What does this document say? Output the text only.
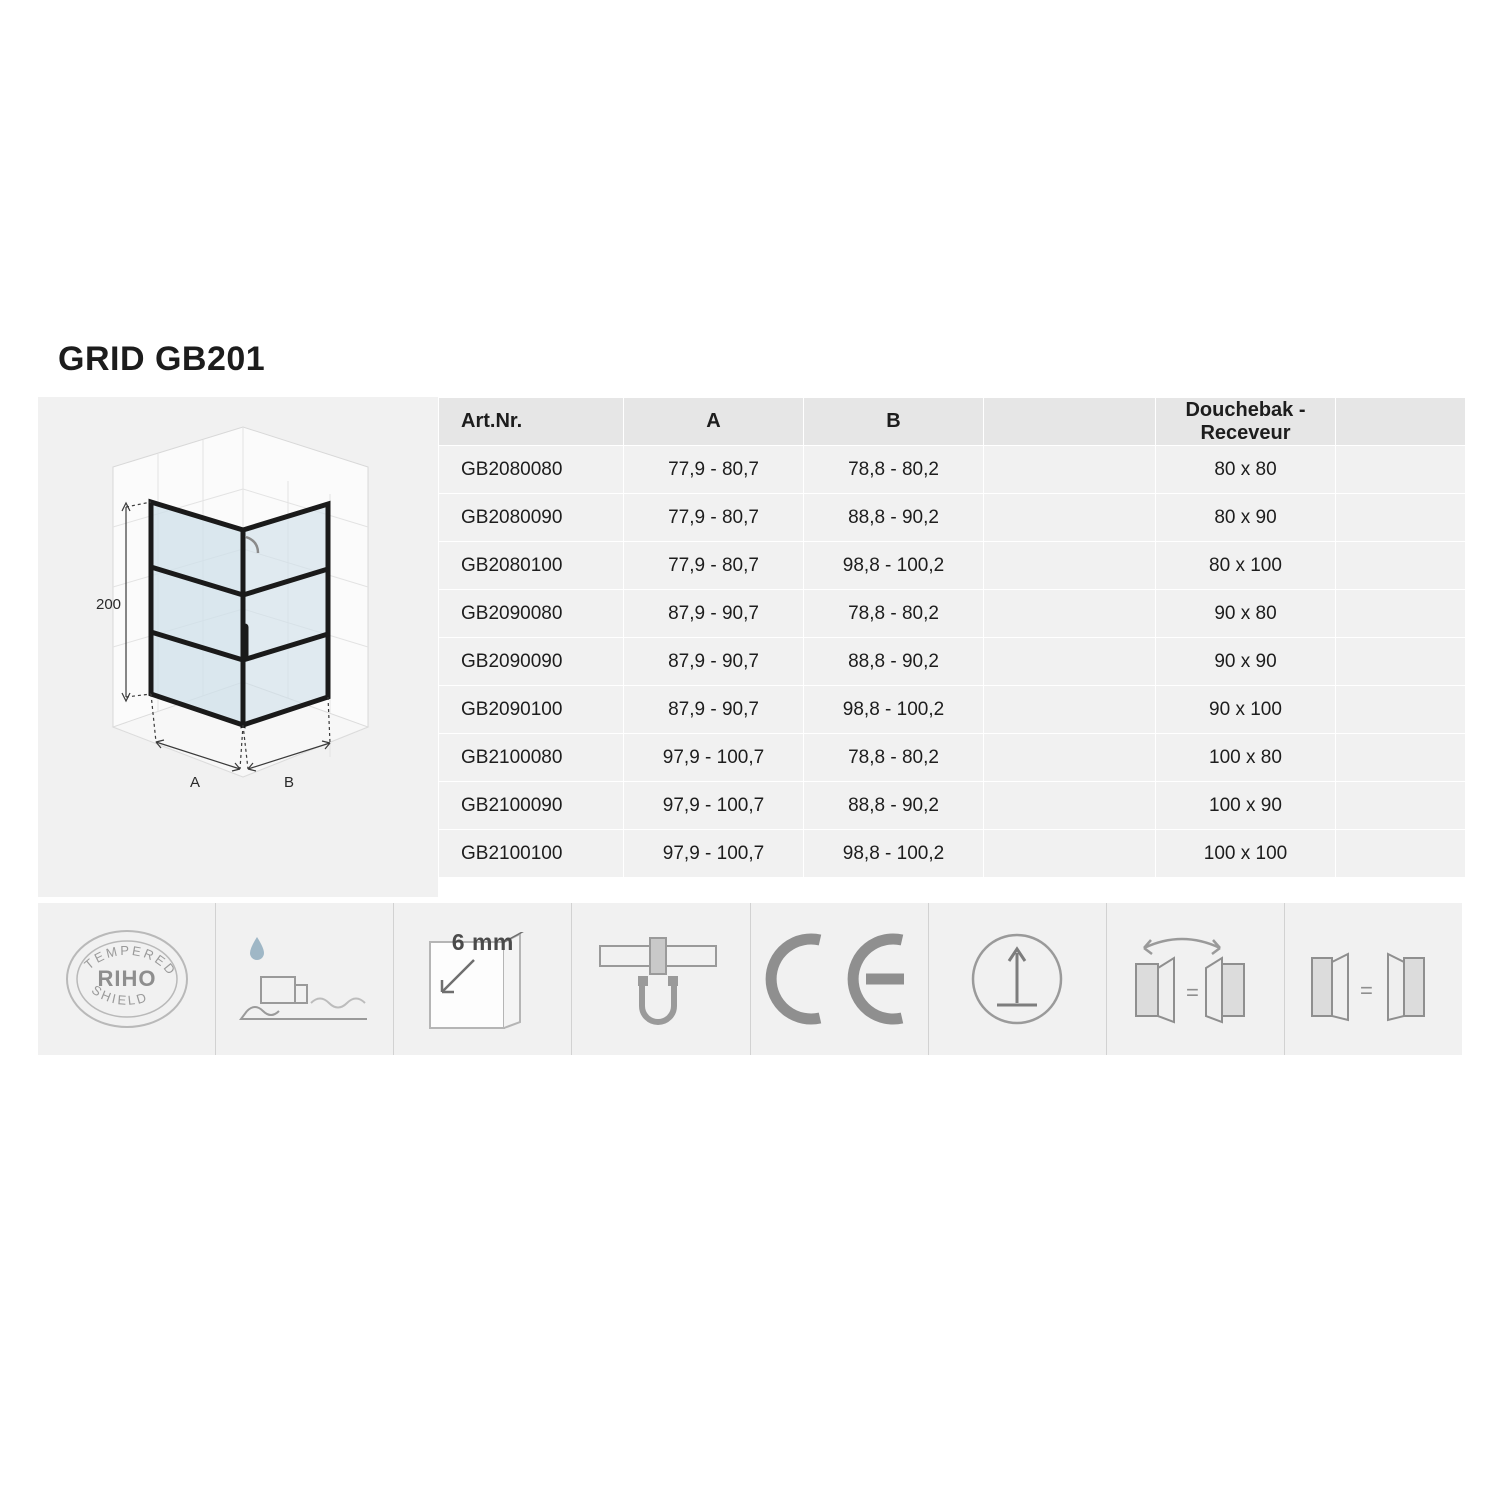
GRID GB201
200
A	B
Art.Nr.	A	B		Douchebak -
Receveur	
GB2080080	77,9 - 80,7	78,8 - 80,2		80 x 80	
GB2080090	77,9 - 80,7	88,8 - 90,2		80 x 90	
GB2080100	77,9 - 80,7	98,8 - 100,2		80 x 100	
GB2090080	87,9 - 90,7	78,8 - 80,2		90 x 80	
GB2090090	87,9 - 90,7	88,8 - 90,2		90 x 90	
GB2090100	87,9 - 90,7	98,8 - 100,2		90 x 100	
GB2100080	97,9 - 100,7	78,8 - 80,2		100 x 80	
GB2100090	97,9 - 100,7	88,8 - 90,2		100 x 90	
GB2100100	97,9 - 100,7	98,8 - 100,2		100 x 100	
TEMPERED
SHIELD
RIHO
6 mm
=	=
